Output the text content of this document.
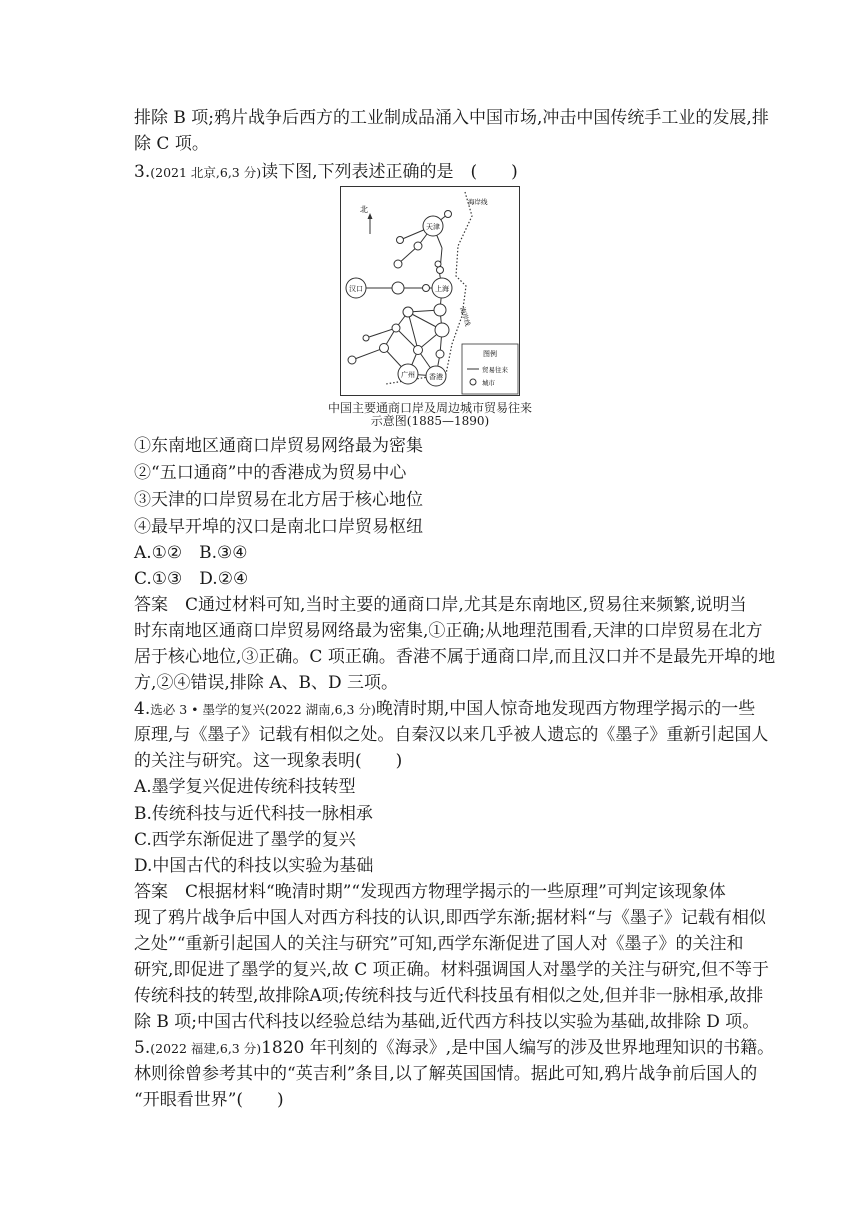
排除 B 项;鸦片战争后西方的工业制成品涌入中国市场,冲击中国传统手工业的发展,排
除 C 项。
3.(2021 北京,6,3 分)读下图,下列表述正确的是　(　　)
北
海岸线
海岸线
天津
汉口	上海
广州 香港
图例
贸易往来
城市
中国主要通商口岸及周边城市贸易往来
示意图(1885—1890)
①东南地区通商口岸贸易网络最为密集
②“五口通商”中的香港成为贸易中心
③天津的口岸贸易在北方居于核心地位
④最早开埠的汉口是南北口岸贸易枢纽
A.①②　B.③④
C.①③　D.②④
答案　C通过材料可知,当时主要的通商口岸,尤其是东南地区,贸易往来频繁,说明当
时东南地区通商口岸贸易网络最为密集,①正确;从地理范围看,天津的口岸贸易在北方
居于核心地位,③正确。C 项正确。香港不属于通商口岸,而且汉口并不是最先开埠的地
方,②④错误,排除 A、B、D 三项。
4.选必 3 • 墨学的复兴(2022 湖南,6,3 分)晚清时期,中国人惊奇地发现西方物理学揭示的一些
原理,与《墨子》记载有相似之处。自秦汉以来几乎被人遗忘的《墨子》重新引起国人
的关注与研究。这一现象表明(　　)
A.墨学复兴促进传统科技转型
B.传统科技与近代科技一脉相承
C.西学东渐促进了墨学的复兴
D.中国古代的科技以实验为基础
答案　C根据材料“晚清时期”“发现西方物理学揭示的一些原理”可判定该现象体
现了鸦片战争后中国人对西方科技的认识,即西学东渐;据材料“与《墨子》记载有相似
之处”“重新引起国人的关注与研究”可知,西学东渐促进了国人对《墨子》的关注和
研究,即促进了墨学的复兴,故 C 项正确。材料强调国人对墨学的关注与研究,但不等于
传统科技的转型,故排除A项;传统科技与近代科技虽有相似之处,但并非一脉相承,故排
除 B 项;中国古代科技以经验总结为基础,近代西方科技以实验为基础,故排除 D 项。
5.(2022 福建,6,3 分)1820 年刊刻的《海录》,是中国人编写的涉及世界地理知识的书籍。
林则徐曾参考其中的“英吉利”条目,以了解英国国情。据此可知,鸦片战争前后国人的
“开眼看世界”(　　)
